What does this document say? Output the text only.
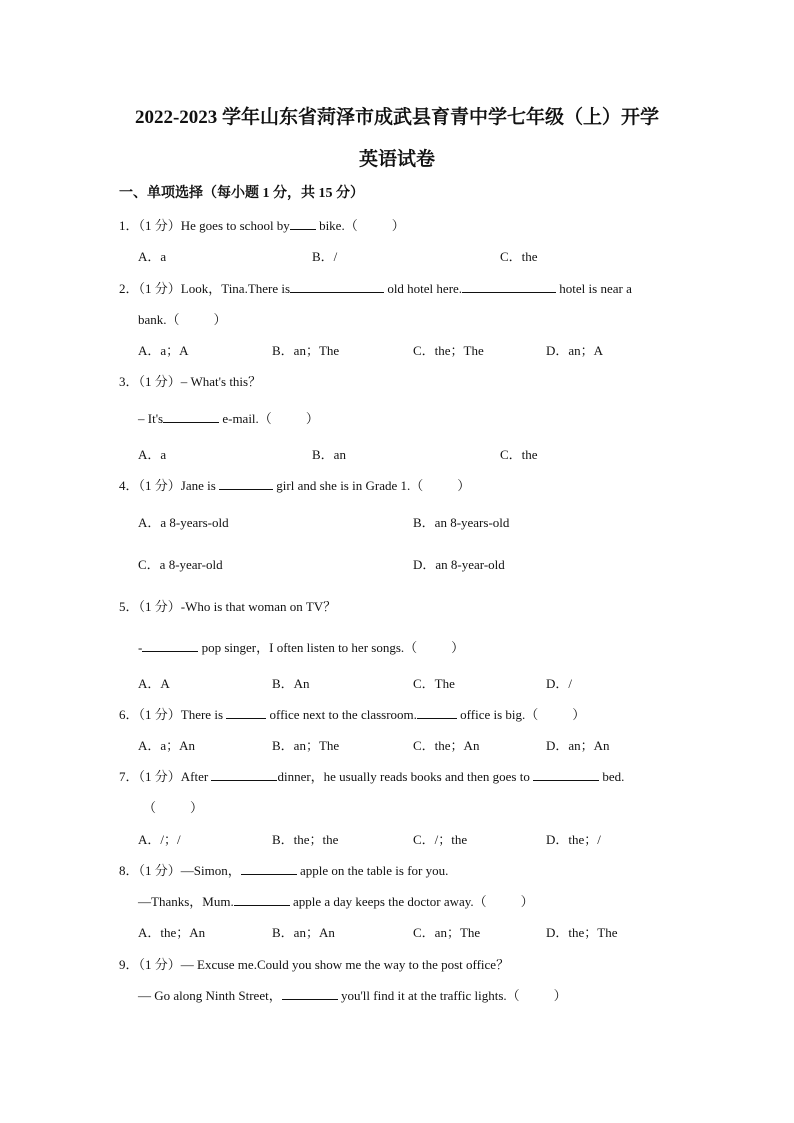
2022-2023 学年山东省菏泽市成武县育青中学七年级（上）开学
英语试卷
一、单项选择（每小题 1 分，共 15 分）
1．（1 分）He goes to school by bike.（	）
A．a	B．/	C．the
2．（1 分）Look，Tina.There is	old hotel here.	hotel is near a
bank.（	）
A．a；A	B．an；The	C．the；The	D．an；A
3．（1 分）– What's this？
– It's	e-mail.（	）
A．a	B．an	C．the
4．（1 分）Jane is	girl and she is in Grade 1.（	）
A．a 8-years-old	B．an 8-years-old
C．a 8-year-old	D．an 8-year-old
5．（1 分）-Who is that woman on TV？
-	pop singer，I often listen to her songs.（	）
A．A	B．An	C．The	D．/
6．（1 分）There is	office next to the classroom.	office is big.（	）
A．a；An	B．an；The	C．the；An	D．an；An
7．（1 分）After	dinner，he usually reads books and then goes to	bed.
（	）
A．/；/	B．the；the	C．/；the	D．the；/
8．（1 分）—Simon，	apple on the table is for you.
—Thanks，Mum.	apple a day keeps the doctor away.（	）
A．the；An	B．an；An	C．an；The	D．the；The
9．（1 分）— Excuse me.Could you show me the way to the post office？
— Go along Ninth Street，	you'll find it at the traffic lights.（	）
